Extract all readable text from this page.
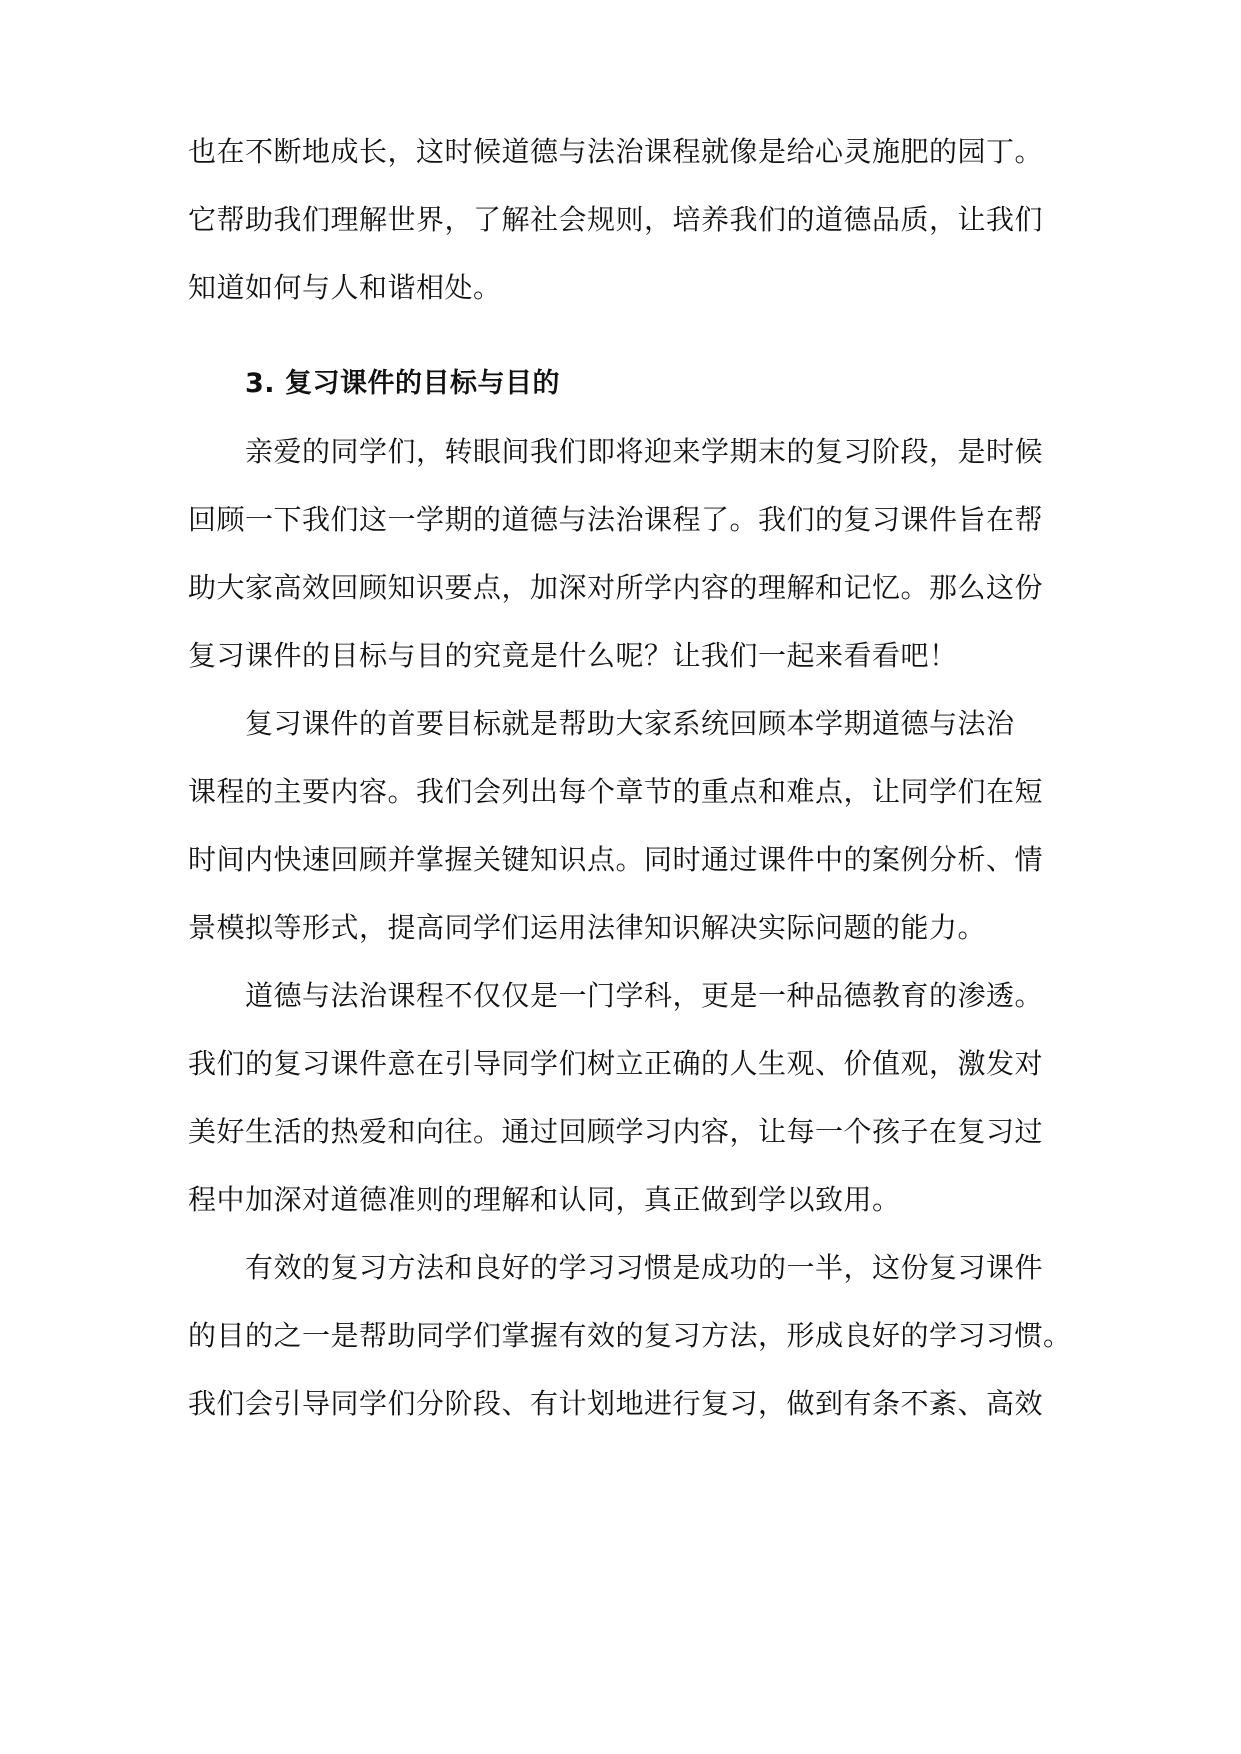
也在不断地成长，这时候道德与法治课程就像是给心灵施肥的园丁。
它帮助我们理解世界，了解社会规则，培养我们的道德品质，让我们
知道如何与人和谐相处。
3. 复习课件的目标与目的
亲爱的同学们，转眼间我们即将迎来学期末的复习阶段，是时候
回顾一下我们这一学期的道德与法治课程了。我们的复习课件旨在帮
助大家高效回顾知识要点，加深对所学内容的理解和记忆。那么这份
复习课件的目标与目的究竟是什么呢？让我们一起来看看吧！
复习课件的首要目标就是帮助大家系统回顾本学期道德与法治
课程的主要内容。我们会列出每个章节的重点和难点，让同学们在短
时间内快速回顾并掌握关键知识点。同时通过课件中的案例分析、情
景模拟等形式，提高同学们运用法律知识解决实际问题的能力。
道德与法治课程不仅仅是一门学科，更是一种品德教育的渗透。
我们的复习课件意在引导同学们树立正确的人生观、价值观，激发对
美好生活的热爱和向往。通过回顾学习内容，让每一个孩子在复习过
程中加深对道德准则的理解和认同，真正做到学以致用。
有效的复习方法和良好的学习习惯是成功的一半，这份复习课件
的目的之一是帮助同学们掌握有效的复习方法，形成良好的学习习惯。
我们会引导同学们分阶段、有计划地进行复习，做到有条不紊、高效
